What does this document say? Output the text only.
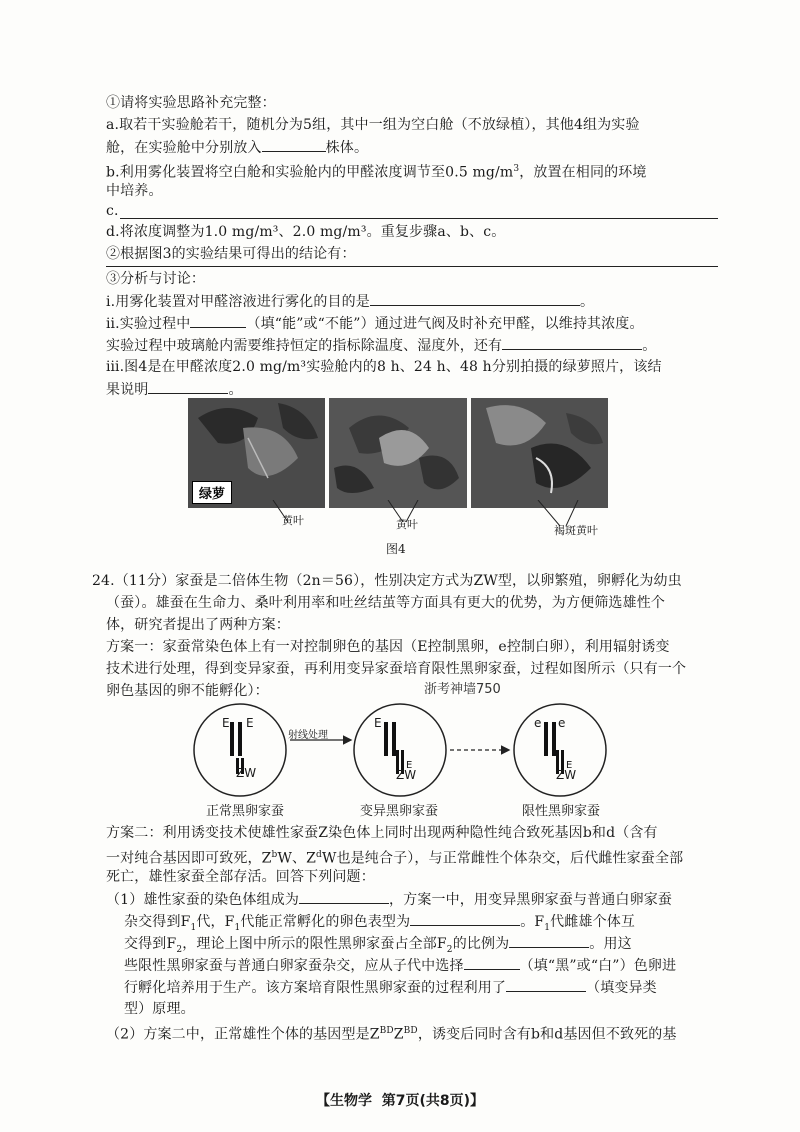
①请将实验思路补充完整：
a.取若干实验舱若干，随机分为5组，其中一组为空白舱（不放绿植），其他4组为实验
舱，在实验舱中分别放入	株体。
b.利用雾化装置将空白舱和实验舱内的甲醛浓度调节至0.5 $mg/m^3$，放置在相同的环境
中培养。
c.
d.将浓度调整为1.0 mg/m³、2.0 mg/m³。重复步骤a、b、c。
②根据图3的实验结果可得出的结论有：
③分析与讨论：
ⅰ.用雾化装置对甲醛溶液进行雾化的目的是	。
ⅱ.实验过程中	（填“能”或“不能”）通过进气阀及时补充甲醛，以维持其浓度。
实验过程中玻璃舱内需要维持恒定的指标除温度、湿度外，还有	。
ⅲ.图4是在甲醛浓度2.0 mg/m³实验舱内的8 h、24 h、48 h分别拍摄的绿萝照片，该结
果说明	。
绿萝
黄叶	黄叶	褐斑黄叶
图4
24.（11分）家蚕是二倍体生物（2n＝56），性别决定方式为ZW型，以卵繁殖，卵孵化为幼虫
（蚕）。雄蚕在生命力、桑叶利用率和吐丝结茧等方面具有更大的优势，为方便筛选雄性个
体，研究者提出了两种方案：
方案一：家蚕常染色体上有一对控制卵色的基因（E控制黑卵，e控制白卵），利用辐射诱变
技术进行处理，得到变异家蚕，再利用变异家蚕培育限性黑卵家蚕，过程如图所示（只有一个
卵色基因的卵不能孵化）：	浙考神墙750
E E
ZW
射线处理
E
E
ZW
e e
E
ZW
正常黑卵家蚕	变异黑卵家蚕	限性黑卵家蚕
方案二：利用诱变技术使雄性家蚕Z染色体上同时出现两种隐性纯合致死基因b和d（含有
一对纯合基因即可致死，$Z^bW$、$Z^dW$也是纯合子），与正常雌性个体杂交，后代雌性家蚕全部
死亡，雄性家蚕全部存活。回答下列问题：
（1）雄性家蚕的染色体组成为	，方案一中，用变异黑卵家蚕与普通白卵家蚕
杂交得到$F_1$代，$F_1$代能正常孵化的卵色表型为	。$F_1$代雌雄个体互
交得到$F_2$，理论上图中所示的限性黑卵家蚕占全部$F_2$的比例为	。用这
些限性黑卵家蚕与普通白卵家蚕杂交，应从子代中选择	（填“黑”或“白”）色卵进
行孵化培养用于生产。该方案培育限性黑卵家蚕的过程利用了	（填变异类
型）原理。
（2）方案二中，正常雄性个体的基因型是$Z^{BD}Z^{BD}$，诱变后同时含有b和d基因但不致死的基
【生物学 第7页(共8页)】
